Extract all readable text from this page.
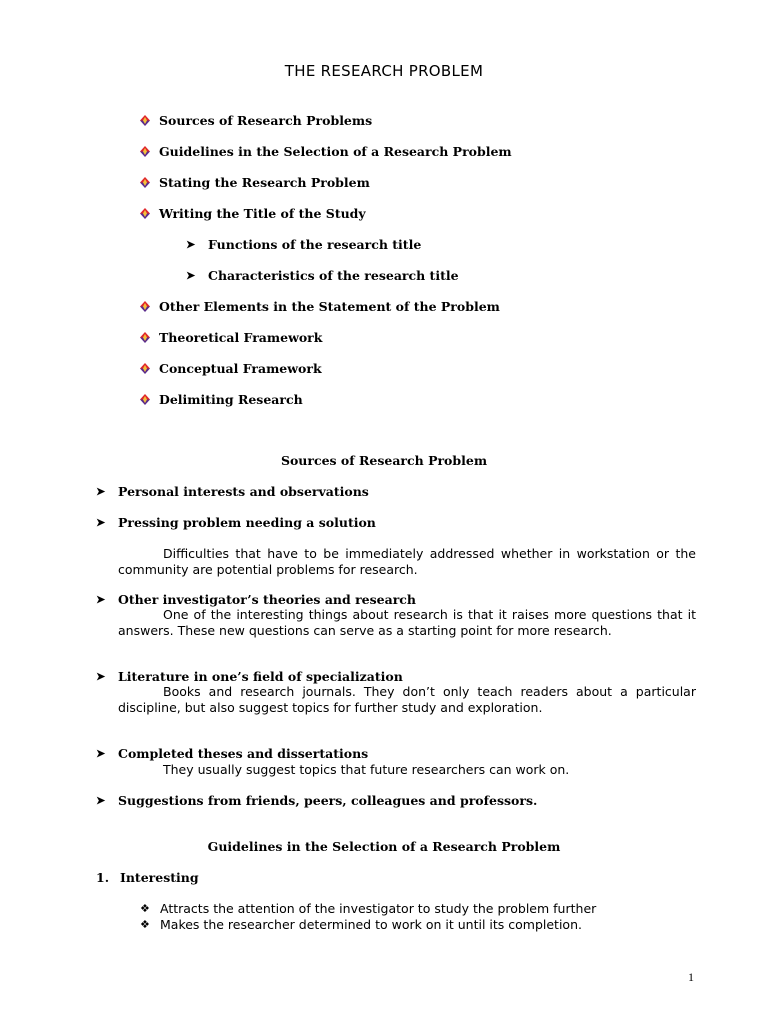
THE RESEARCH PROBLEM
Sources of Research Problems
Guidelines in the Selection of a Research Problem
Stating the Research Problem
Writing the Title of the Study
➤ Functions of the research title
➤ Characteristics of the research title
Other Elements in the Statement of the Problem
Theoretical Framework
Conceptual Framework
Delimiting Research
Sources of Research Problem
➤ Personal interests and observations
➤ Pressing problem needing a solution
Difficulties that have to be immediately addressed whether in workstation or the community are potential problems for research.
➤ Other investigator’s theories and research
One of the interesting things about research is that it raises more questions that it answers. These new questions can serve as a starting point for more research.
➤ Literature in one’s field of specialization
Books and research journals. They don’t only teach readers about a particular discipline, but also suggest topics for further study and exploration.
➤ Completed theses and dissertations
They usually suggest topics that future researchers can work on.
➤ Suggestions from friends, peers, colleagues and professors.
Guidelines in the Selection of a Research Problem
1. Interesting
❖ Attracts the attention of the investigator to study the problem further
❖ Makes the researcher determined to work on it until its completion.
1
